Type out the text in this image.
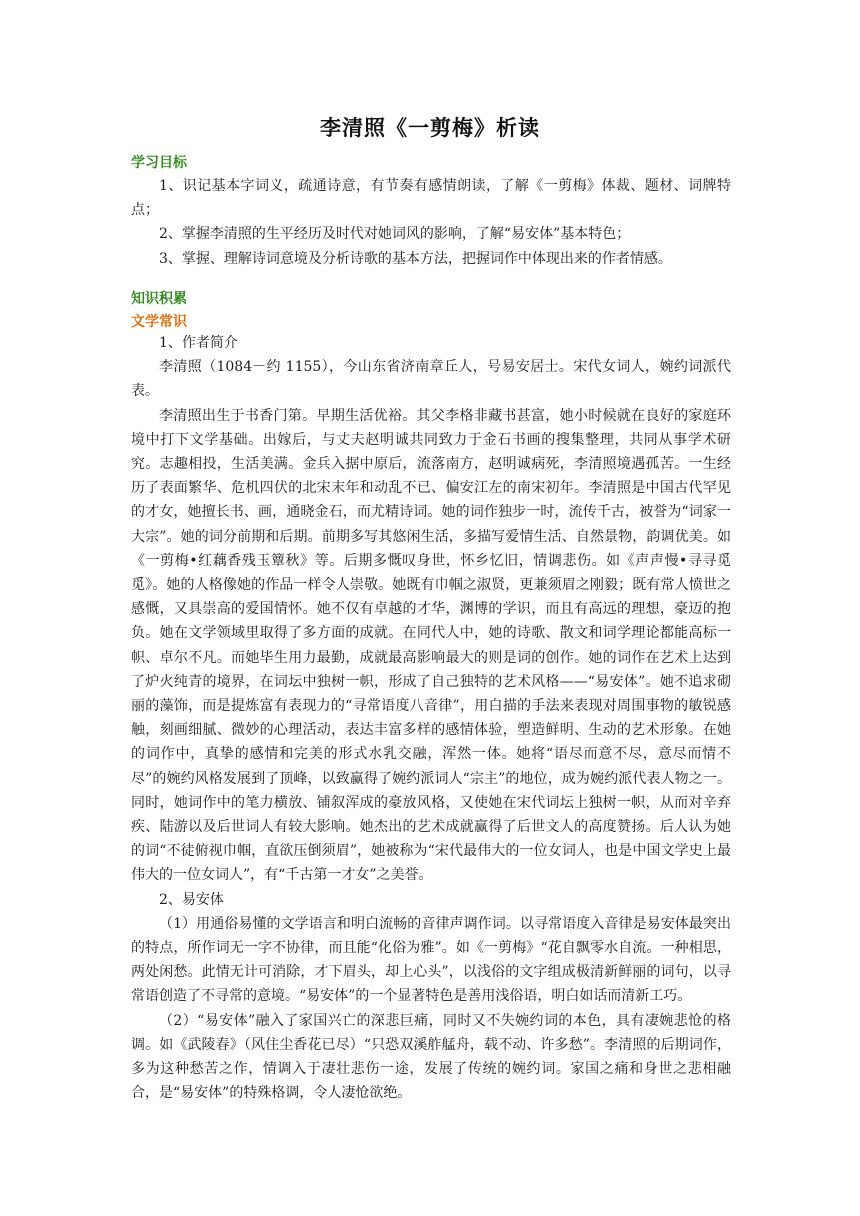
李清照《一剪梅》析读
学习目标

1、识记基本字词义，疏通诗意，有节奏有感情朗读，了解《一剪梅》体裁、题材、词牌特点；

2、掌握李清照的生平经历及时代对她词风的影响，了解“易安体”基本特色；

3、掌握、理解诗词意境及分析诗歌的基本方法，把握词作中体现出来的作者情感。

知识积累
文学常识

1、作者简介

李清照（1084－约 1155），今山东省济南章丘人，号易安居士。宋代女词人，婉约词派代表。

李清照出生于书香门第。早期生活优裕。其父李格非藏书甚富，她小时候就在良好的家庭环境中打下文学基础。出嫁后，与丈夫赵明诚共同致力于金石书画的搜集整理，共同从事学术研究。志趣相投，生活美满。金兵入据中原后，流落南方，赵明诚病死，李清照境遇孤苦。一生经历了表面繁华、危机四伏的北宋末年和动乱不已、偏安江左的南宋初年。李清照是中国古代罕见的才女，她擅长书、画，通晓金石，而尤精诗词。她的词作独步一时，流传千古，被誉为“词家一大宗”。她的词分前期和后期。前期多写其悠闲生活，多描写爱情生活、自然景物，韵调优美。如《一剪梅•红藕香残玉簟秋》等。后期多慨叹身世，怀乡忆旧，情调悲伤。如《声声慢•寻寻觅觅》。她的人格像她的作品一样令人崇敬。她既有巾帼之淑贤，更兼须眉之刚毅；既有常人愤世之感慨，又具崇高的爱国情怀。她不仅有卓越的才华，渊博的学识，而且有高远的理想，豪迈的抱负。她在文学领域里取得了多方面的成就。在同代人中，她的诗歌、散文和词学理论都能高标一帜、卓尔不凡。而她毕生用力最勤，成就最高影响最大的则是词的创作。她的词作在艺术上达到了炉火纯青的境界，在词坛中独树一帜，形成了自己独特的艺术风格——“易安体”。她不追求砌丽的藻饰，而是提炼富有表现力的“寻常语度八音律”，用白描的手法来表现对周围事物的敏锐感触，刻画细腻、微妙的心理活动，表达丰富多样的感情体验，塑造鲜明、生动的艺术形象。在她的词作中，真挚的感情和完美的形式水乳交融，浑然一体。她将“语尽而意不尽，意尽而情不尽”的婉约风格发展到了顶峰，以致赢得了婉约派词人“宗主”的地位，成为婉约派代表人物之一。同时，她词作中的笔力横放、铺叙浑成的豪放风格，又使她在宋代词坛上独树一帜，从而对辛弃疾、陆游以及后世词人有较大影响。她杰出的艺术成就赢得了后世文人的高度赞扬。后人认为她的词“不徒俯视巾帼，直欲压倒须眉”，她被称为“宋代最伟大的一位女词人，也是中国文学史上最伟大的一位女词人”，有“千古第一才女”之美誉。

2、易安体

（1）用通俗易懂的文学语言和明白流畅的音律声调作词。以寻常语度入音律是易安体最突出的特点，所作词无一字不协律，而且能“化俗为雅”。如《一剪梅》“花自飘零水自流。一种相思，两处闲愁。此情无计可消除，才下眉头，却上心头”，以浅俗的文字组成极清新鲜丽的词句，以寻常语创造了不寻常的意境。“易安体”的一个显著特色是善用浅俗语，明白如话而清新工巧。

（2）“易安体”融入了家国兴亡的深悲巨痛，同时又不失婉约词的本色，具有凄婉悲怆的格调。如《武陵春》（风住尘香花已尽）“只恐双溪舴艋舟，载不动、许多愁”。李清照的后期词作，多为这种愁苦之作，情调入于凄壮悲伤一途，发展了传统的婉约词。家国之痛和身世之悲相融合，是“易安体”的特殊格调，令人凄怆欲绝。
